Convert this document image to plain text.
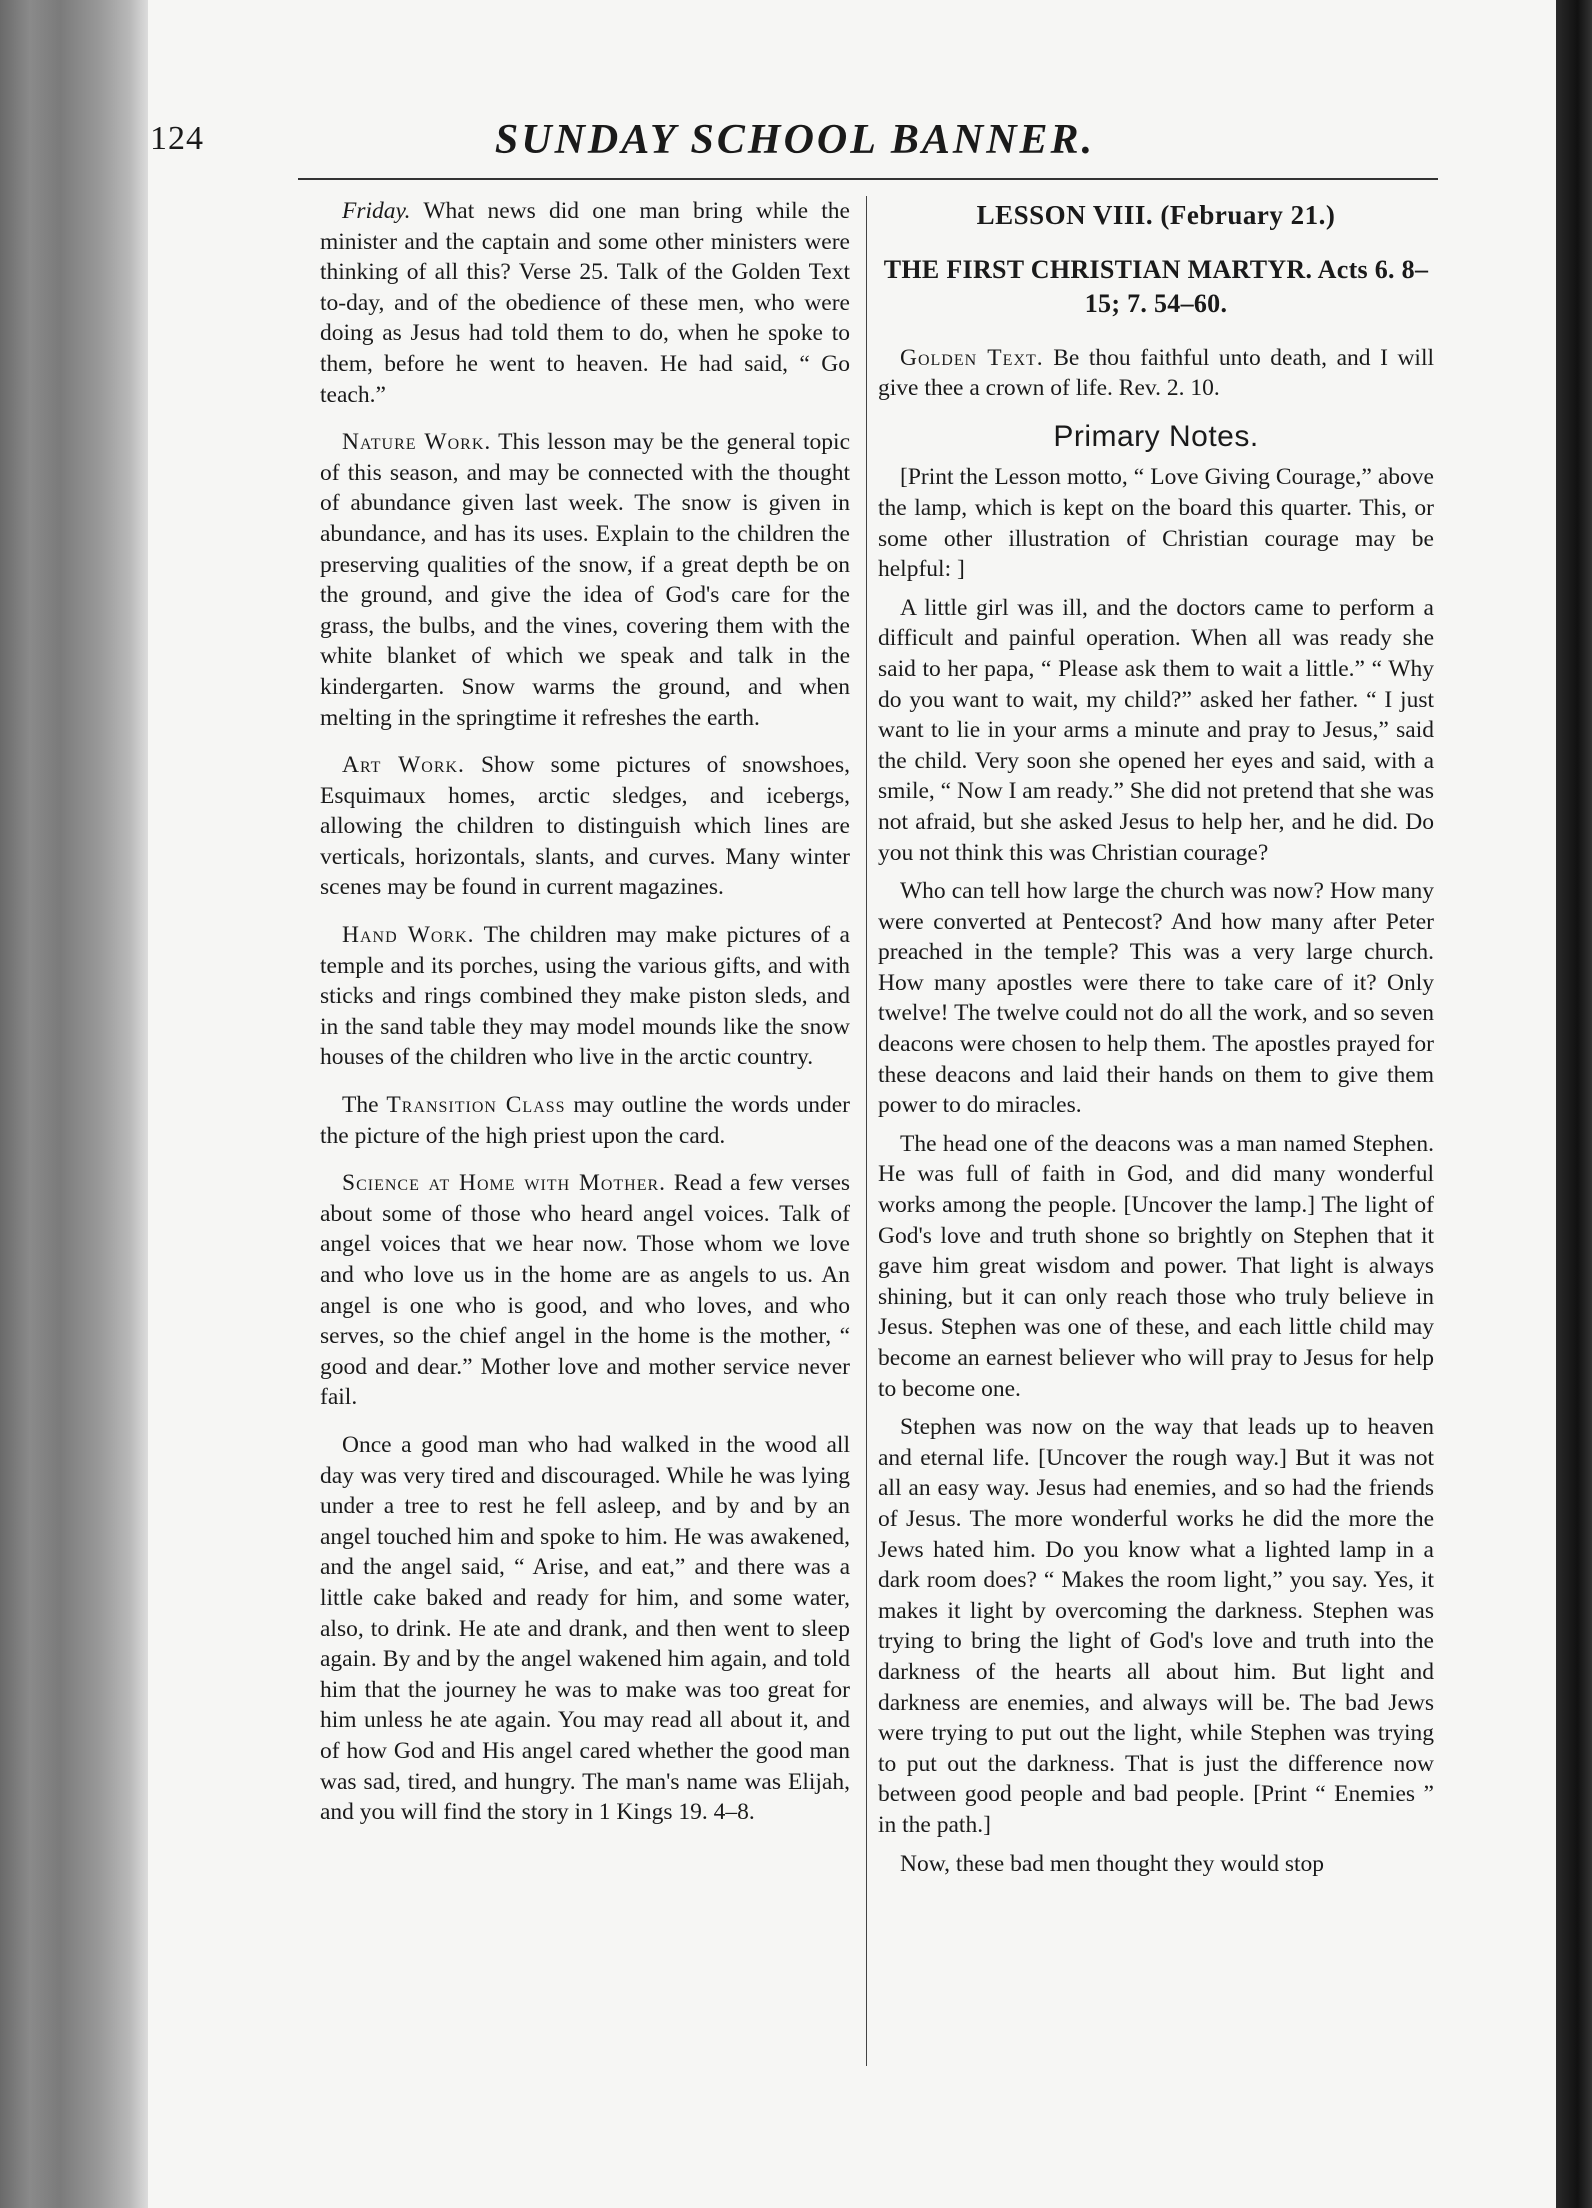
124	SUNDAY SCHOOL BANNER.

Friday. What news did one man bring while the minister and the captain and some other ministers were thinking of all this? Verse 25. Talk of the Golden Text to-day, and of the obedience of these men, who were doing as Jesus had told them to do, when he spoke to them, before he went to heaven. He had said, “ Go teach.”

Nature Work. This lesson may be the general topic of this season, and may be connected with the thought of abundance given last week. The snow is given in abundance, and has its uses. Explain to the children the preserving qualities of the snow, if a great depth be on the ground, and give the idea of God's care for the grass, the bulbs, and the vines, covering them with the white blanket of which we speak and talk in the kindergarten. Snow warms the ground, and when melting in the springtime it refreshes the earth.

Art Work. Show some pictures of snowshoes, Esquimaux homes, arctic sledges, and icebergs, allowing the children to distinguish which lines are verticals, horizontals, slants, and curves. Many winter scenes may be found in current magazines.

Hand Work. The children may make pictures of a temple and its porches, using the various gifts, and with sticks and rings combined they make piston sleds, and in the sand table they may model mounds like the snow houses of the children who live in the arctic country.

The Transition Class may outline the words under the picture of the high priest upon the card.

Science at Home with Mother. Read a few verses about some of those who heard angel voices. Talk of angel voices that we hear now. Those whom we love and who love us in the home are as angels to us. An angel is one who is good, and who loves, and who serves, so the chief angel in the home is the mother, “ good and dear.” Mother love and mother service never fail.

Once a good man who had walked in the wood all day was very tired and discouraged. While he was lying under a tree to rest he fell asleep, and by and by an angel touched him and spoke to him. He was awakened, and the angel said, “ Arise, and eat,” and there was a little cake baked and ready for him, and some water, also, to drink. He ate and drank, and then went to sleep again. By and by the angel wakened him again, and told him that the journey he was to make was too great for him unless he ate again. You may read all about it, and of how God and His angel cared whether the good man was sad, tired, and hungry. The man's name was Elijah, and you will find the story in 1 Kings 19. 4–8.

LESSON VIII. (February 21.)
THE FIRST CHRISTIAN MARTYR. Acts 6. 8–15; 7. 54–60.

Golden Text. Be thou faithful unto death, and I will give thee a crown of life. Rev. 2. 10.

Primary Notes.

[Print the Lesson motto, “ Love Giving Courage,” above the lamp, which is kept on the board this quarter. This, or some other illustration of Christian courage may be helpful: ]

A little girl was ill, and the doctors came to perform a difficult and painful operation. When all was ready she said to her papa, “ Please ask them to wait a little.” “ Why do you want to wait, my child?” asked her father. “ I just want to lie in your arms a minute and pray to Jesus,” said the child. Very soon she opened her eyes and said, with a smile, “ Now I am ready.” She did not pretend that she was not afraid, but she asked Jesus to help her, and he did. Do you not think this was Christian courage?

Who can tell how large the church was now? How many were converted at Pentecost? And how many after Peter preached in the temple? This was a very large church. How many apostles were there to take care of it? Only twelve! The twelve could not do all the work, and so seven deacons were chosen to help them. The apostles prayed for these deacons and laid their hands on them to give them power to do miracles.

The head one of the deacons was a man named Stephen. He was full of faith in God, and did many wonderful works among the people. [Uncover the lamp.] The light of God's love and truth shone so brightly on Stephen that it gave him great wisdom and power. That light is always shining, but it can only reach those who truly believe in Jesus. Stephen was one of these, and each little child may become an earnest believer who will pray to Jesus for help to become one.

Stephen was now on the way that leads up to heaven and eternal life. [Uncover the rough way.] But it was not all an easy way. Jesus had enemies, and so had the friends of Jesus. The more wonderful works he did the more the Jews hated him. Do you know what a lighted lamp in a dark room does? “ Makes the room light,” you say. Yes, it makes it light by overcoming the darkness. Stephen was trying to bring the light of God's love and truth into the darkness of the hearts all about him. But light and darkness are enemies, and always will be. The bad Jews were trying to put out the light, while Stephen was trying to put out the darkness. That is just the difference now between good people and bad people. [Print “ Enemies ” in the path.]

Now, these bad men thought they would stop
